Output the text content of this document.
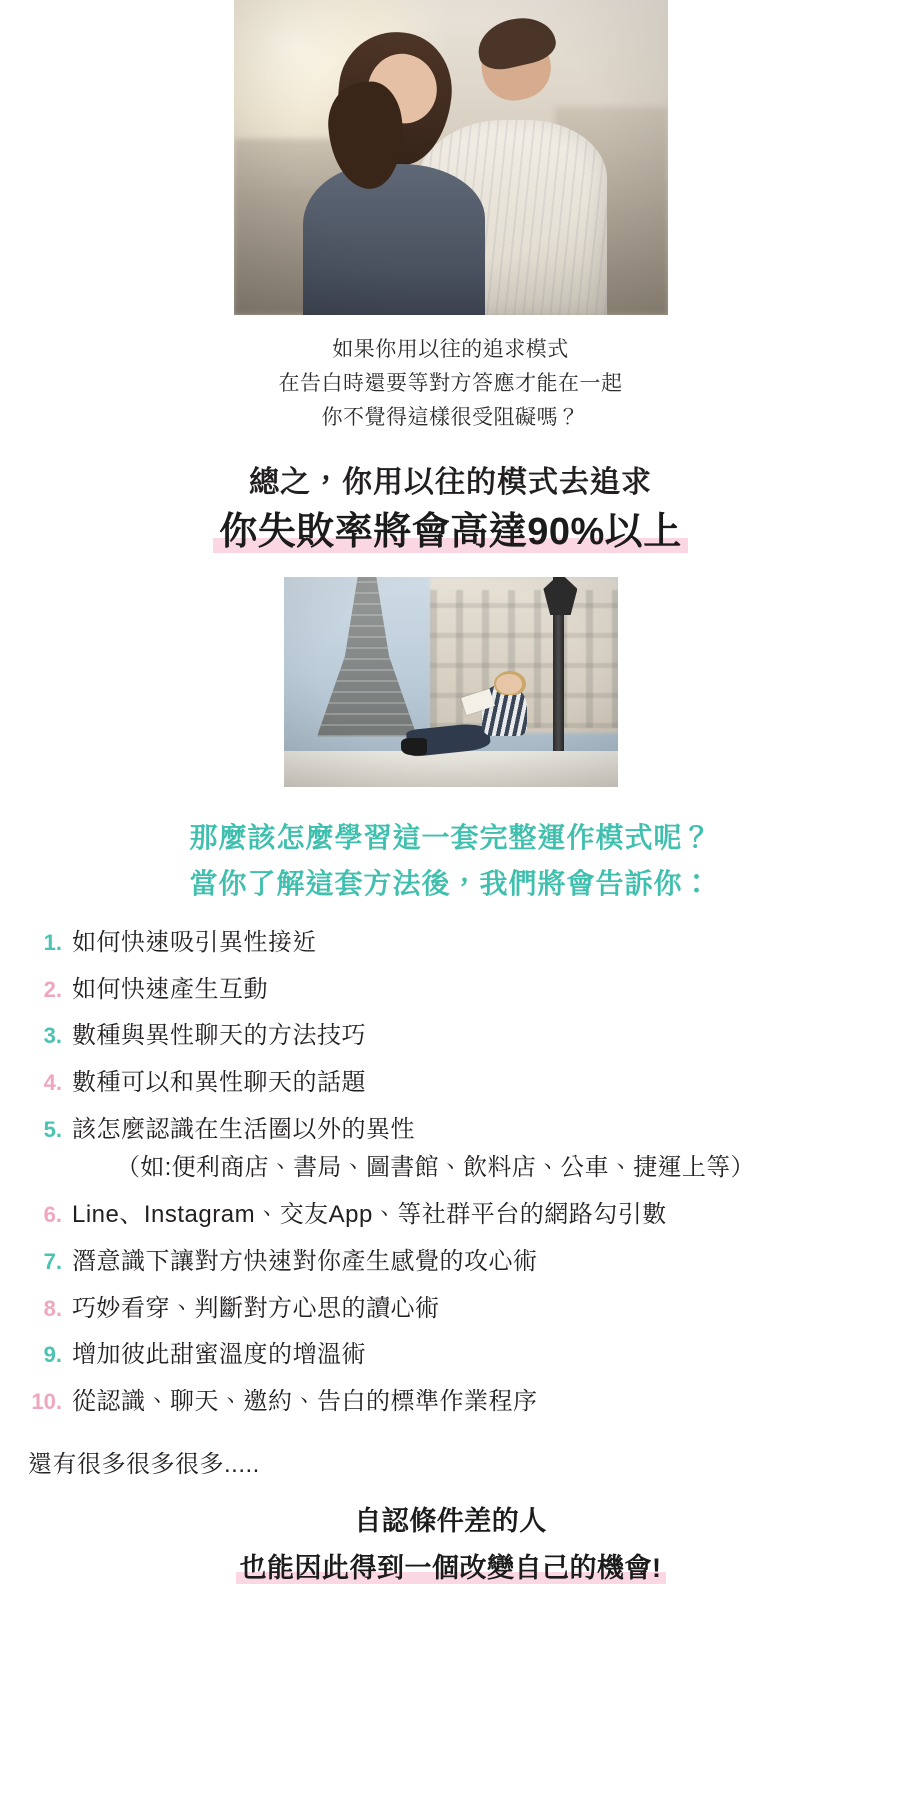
如果你用以往的追求模式
在告白時還要等對方答應才能在一起
你不覺得這樣很受阻礙嗎？
總之，你用以往的模式去追求
你失敗率將會高達90%以上
那麼該怎麼學習這一套完整運作模式呢？
當你了解這套方法後，我們將會告訴你：
1. 如何快速吸引異性接近
2. 如何快速產生互動
3. 數種與異性聊天的方法技巧
4. 數種可以和異性聊天的話題
5. 該怎麼認識在生活圈以外的異性
（如:便利商店、書局、圖書館、飲料店、公車、捷運上等）
6. Line、Instagram、交友App、等社群平台的網路勾引數
7. 潛意識下讓對方快速對你產生感覺的攻心術
8. 巧妙看穿、判斷對方心思的讀心術
9. 增加彼此甜蜜溫度的增溫術
10. 從認識、聊天、邀約、告白的標準作業程序
還有很多很多很多.....
自認條件差的人
也能因此得到一個改變自己的機會!
